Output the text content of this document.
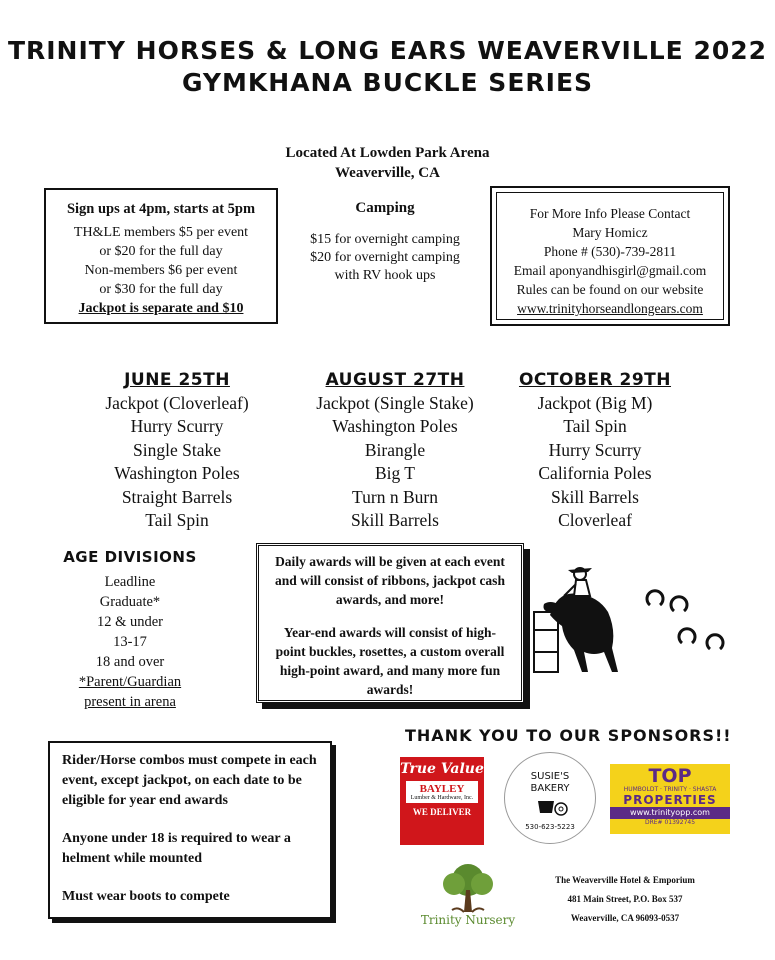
TRINITY HORSES & LONG EARS WEAVERVILLE 2022
GYMKHANA BUCKLE SERIES
Located At Lowden Park Arena
Weaverville, CA
Sign ups at 4pm, starts at 5pm
TH&LE members $5 per event
or $20 for the full day
Non-members $6 per event
or $30 for the full day
Jackpot is separate and $10
Camping
$15 for overnight camping
$20 for overnight camping
with RV hook ups
For More Info Please Contact
Mary Homicz
Phone # (530)-739-2811
Email aponyandhisgirl@gmail.com
Rules can be found on our website
www.trinityhorseandlongears.com
JUNE 25TH
Jackpot (Cloverleaf)
Hurry Scurry
Single Stake
Washington Poles
Straight Barrels
Tail Spin
AUGUST 27TH
Jackpot (Single Stake)
Washington Poles
Birangle
Big T
Turn n Burn
Skill Barrels
OCTOBER 29TH
Jackpot (Big M)
Tail Spin
Hurry Scurry
California Poles
Skill Barrels
Cloverleaf
AGE DIVISIONS
Leadline
Graduate*
12 & under
13-17
18 and over
*Parent/Guardian
present in arena

Daily awards will be given at each event and will consist of ribbons, jackpot cash awards, and more!

Year-end awards will consist of high-point buckles, rosettes, a custom overall high-point award, and many more fun awards!

Rider/Horse combos must compete in each event, except jackpot, on each date to be eligible for year end awards

Anyone under 18 is required to wear a helment while mounted

Must wear boots to compete

THANK YOU TO OUR SPONSORS!!
True Value
BAYLEY
Lumber & Hardware, Inc.
WE DELIVER
SUSIE'S
BAKERY
530-623-5223
TOP
HUMBOLDT · TRINITY · SHASTA
PROPERTIES
www.trinityopp.com
DRE# 01392745
Trinity Nursery
The Weaverville Hotel & Emporium
481 Main Street, P.O. Box 537
Weaverville, CA 96093-0537
